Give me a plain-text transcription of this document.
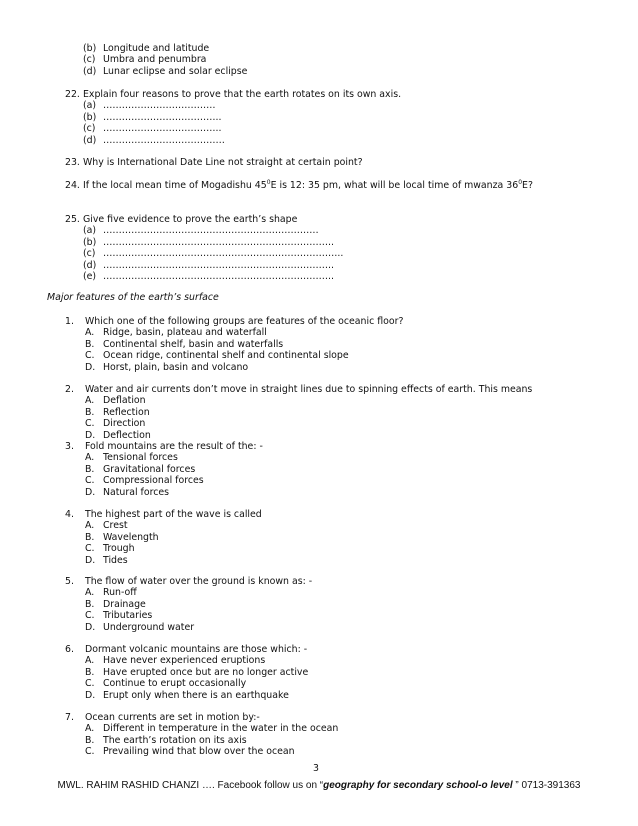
(b) Longitude and latitude
(c) Umbra and penumbra
(d) Lunar eclipse and solar eclipse
22. Explain four reasons to prove that the earth rotates on its own axis.
(a) ………………………………
(b) ………………………………..
(c) ………………………………..
(d) …………………………………
23. Why is International Date Line not straight at certain point?
24. If the local mean time of Mogadishu $45^0E$ is 12: 35 pm, what will be local time of mwanza $36^0E$?
25. Give five evidence to prove the earth’s shape
(a) ……………………………………………………………
(b) ………………………………………………………………..
(c) …………………………………………………………………..
(d) ………………………………………………………………..
(e) ………………………………………………………………..
Major features of the earth’s surface
1. Which one of the following groups are features of the oceanic floor?
A. Ridge, basin, plateau and waterfall
B. Continental shelf, basin and waterfalls
C. Ocean ridge, continental shelf and continental slope
D. Horst, plain, basin and volcano
2. Water and air currents don’t move in straight lines due to spinning effects of earth. This means
A. Deflation
B. Reflection
C. Direction
D. Deflection
3. Fold mountains are the result of the: -
A. Tensional forces
B. Gravitational forces
C. Compressional forces
D. Natural forces
4. The highest part of the wave is called
A. Crest
B. Wavelength
C. Trough
D. Tides
5. The flow of water over the ground is known as: -
A. Run-off
B. Drainage
C. Tributaries
D. Underground water
6. Dormant volcanic mountains are those which: -
A. Have never experienced eruptions
B. Have erupted once but are no longer active
C. Continue to erupt occasionally
D. Erupt only when there is an earthquake
7. Ocean currents are set in motion by:-
A. Different in temperature in the water in the ocean
B. The earth’s rotation on its axis
C. Prevailing wind that blow over the ocean
3
MWL. RAHIM RASHID CHANZI …. Facebook follow us on “geography for secondary school-o level ” 0713-391363
